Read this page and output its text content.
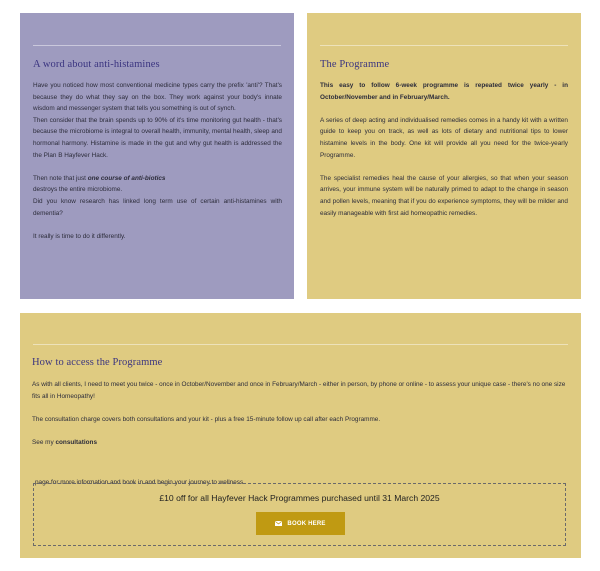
A word about anti-histamines
Have you noticed how most conventional medicine types carry the prefix 'anti'? That's because they do what they say on the box. They work against your body's innate wisdom and messenger system that tells you something is out of synch.
Then consider that the brain spends up to 90% of it's time monitoring gut health - that's because the microbiome is integral to overall health, immunity, mental health, sleep and hormonal harmony. Histamine is made in the gut and why gut health is addressed the the Plan B Hayfever Hack.
Then note that just one course of anti-biotics
destroys the entire microbiome.
Did you know research has linked long term use of certain anti-histamines with dementia?
It really is time to do it differently.
The Programme
This easy to follow 6-week programme is repeated twice yearly - in October/November and in February/March.
A series of deep acting and individualised remedies comes in a handy kit with a written guide to keep you on track, as well as lots of dietary and nutritional tips to lower histamine levels in the body. One kit will provide all you need for the twice-yearly Programme.
The specialist remedies heal the cause of your allergies, so that when your season arrives, your immune system will be naturally primed to adapt to the change in season and pollen levels, meaning that if you do experience symptoms, they will be milder and easily manageable with first aid homeopathic remedies.
How to access the Programme
As with all clients, I need to meet you twice - once in October/November and once in February/March - either in person, by phone or online - to assess your unique case - there's no one size fits all in Homeopathy!
The consultation charge covers both consultations and your kit - plus a free 15-minute follow up call after each Programme.
See my consultations

page for more information and book in and begin your journey to wellness.

£10 off for all Hayfever Hack Programmes purchased until 31 March 2025

BOOK HERE
